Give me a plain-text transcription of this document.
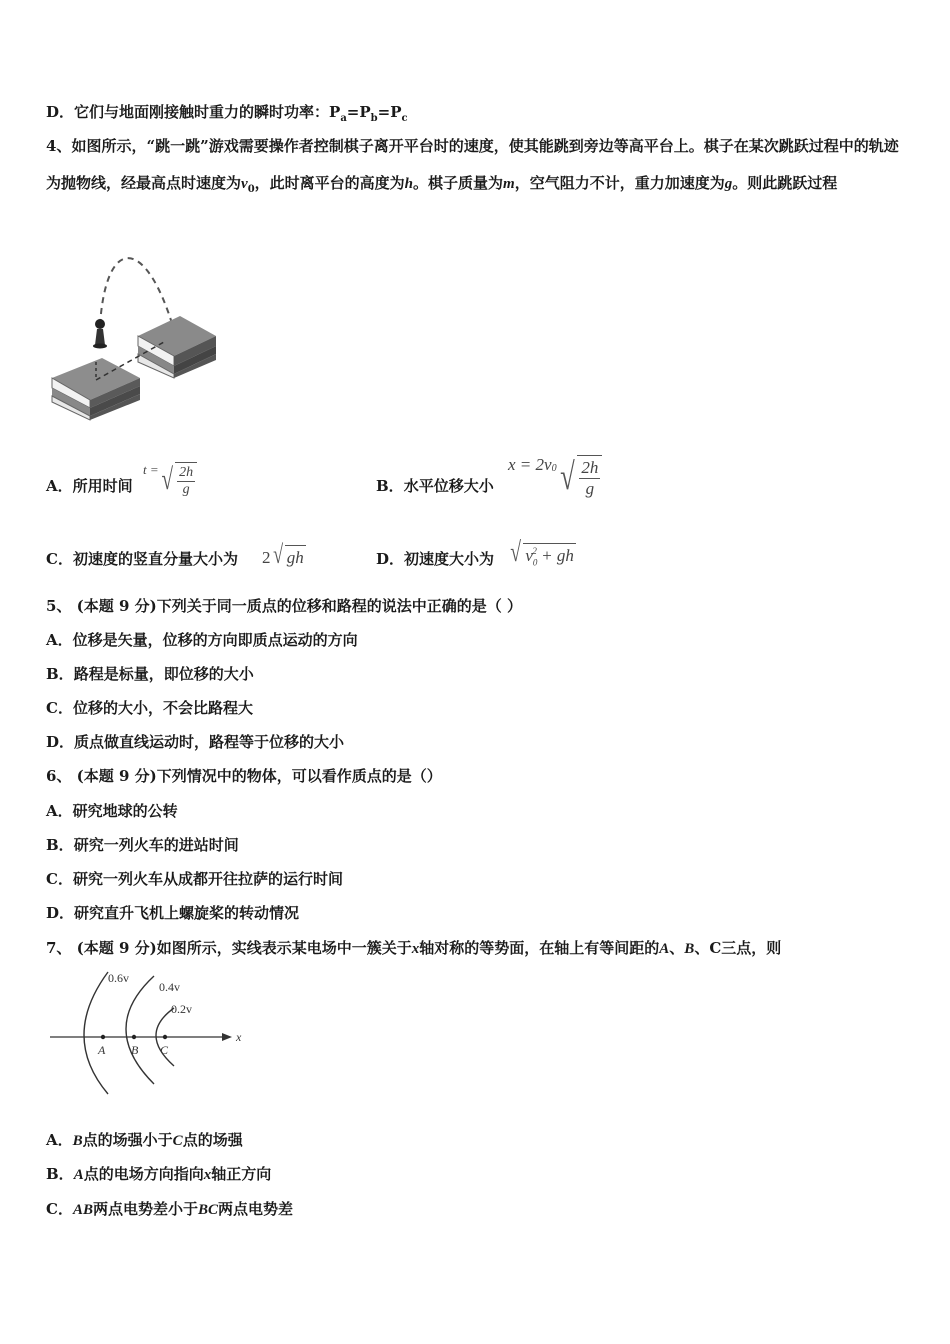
D．它们与地面刚接触时重力的瞬时功率：$P_a=P_b=P_c$
4、如图所示，“跳一跳”游戏需要操作者控制棋子离开平台时的速度，使其能跳到旁边等高平台上。棋子在某次跳跃过程中的轨迹为抛物线，经最高点时速度为$v_0$，此时离平台的高度为h。棋子质量为m，空气阻力不计，重力加速度为g。则此跳跃过程
A．所用时间
$^{t =}$ √ $\frac{2h}{g}$	B．水平位移大小
$x = 2v_0$ √ $\frac{2h}{g}$
C．初速度的竖直分量大小为 2√ gh	D．初速度大小为 √ $v_0^2$ + gh
5、 (本题 9 分)下列关于同一质点的位移和路程的说法中正确的是（ ）
A．位移是矢量，位移的方向即质点运动的方向
B．路程是标量，即位移的大小
C．位移的大小，不会比路程大
D．质点做直线运动时，路程等于位移的大小
6、 (本题 9 分)下列情况中的物体，可以看作质点的是（）
A．研究地球的公转
B．研究一列火车的进站时间
C．研究一列火车从成都开往拉萨的运行时间
D．研究直升飞机上螺旋桨的转动情况
7、 (本题 9 分)如图所示，实线表示某电场中一簇关于x轴对称的等势面，在轴上有等间距的A、B、C三点，则
x
0.6v
0.4v
0.2v
A B C
A．B点的场强小于C点的场强
B．A点的电场方向指向x轴正方向
C．AB两点电势差小于BC两点电势差
